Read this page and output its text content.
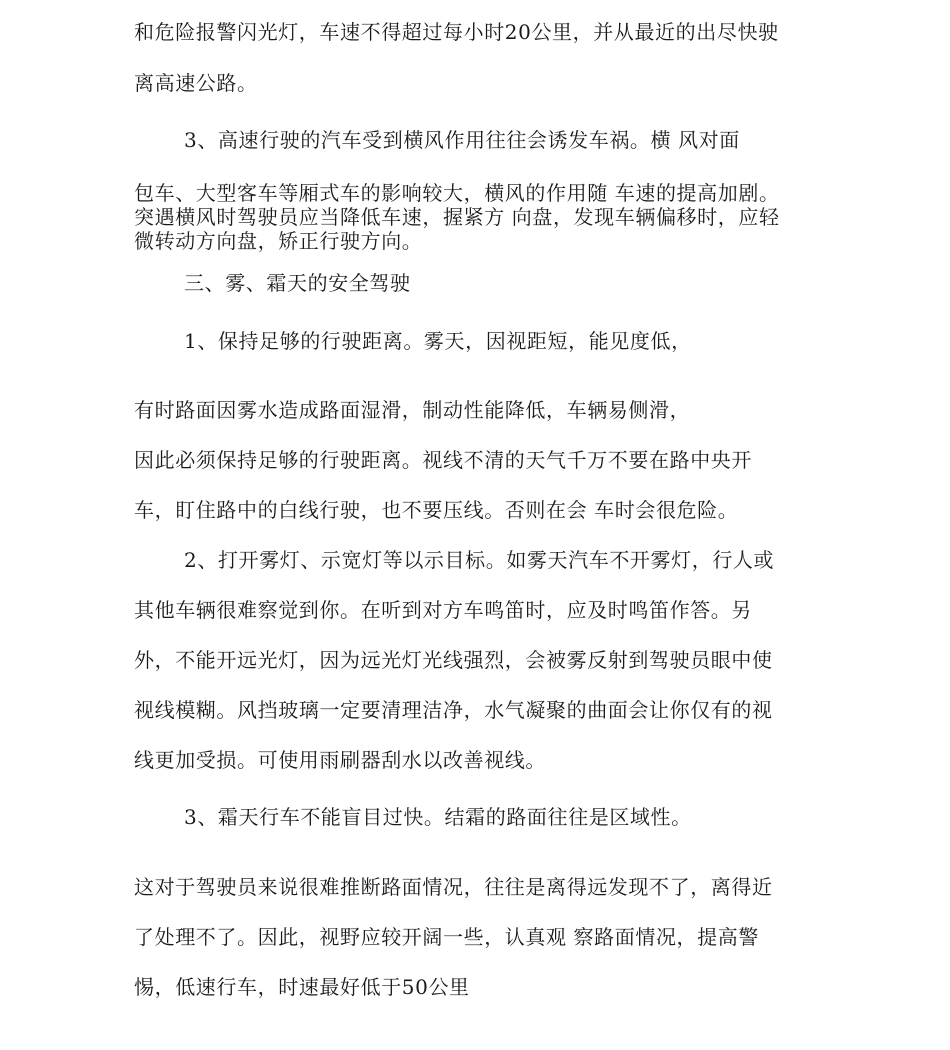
和危险报警闪光灯，车速不得超过每小时20公里，并从最近的出尽快驶
离高速公路。
3、高速行驶的汽车受到横风作用往往会诱发车祸。横 风对面
包车、大型客车等厢式车的影响较大，横风的作用随 车速的提高加剧。
突遇横风时驾驶员应当降低车速，握紧方 向盘，发现车辆偏移时，应轻
微转动方向盘，矫正行驶方向。
三、雾、霜天的安全驾驶
1、保持足够的行驶距离。雾天，因视距短，能见度低，
有时路面因雾水造成路面湿滑，制动性能降低，车辆易侧滑，
因此必须保持足够的行驶距离。视线不清的天气千万不要在路中央开
车，盯住路中的白线行驶，也不要压线。否则在会 车时会很危险。
2、打开雾灯、示宽灯等以示目标。如雾天汽车不开雾灯，行人或
其他车辆很难察觉到你。在听到对方车鸣笛时，应及时鸣笛作答。另
外，不能开远光灯，因为远光灯光线强烈，会被雾反射到驾驶员眼中使
视线模糊。风挡玻璃一定要清理洁净，水气凝聚的曲面会让你仅有的视
线更加受损。可使用雨刷器刮水以改善视线。
3、霜天行车不能盲目过快。结霜的路面往往是区域性。
这对于驾驶员来说很难推断路面情况，往往是离得远发现不了，离得近
了处理不了。因此，视野应较开阔一些，认真观 察路面情况，提高警
惕，低速行车，时速最好低于50公里
